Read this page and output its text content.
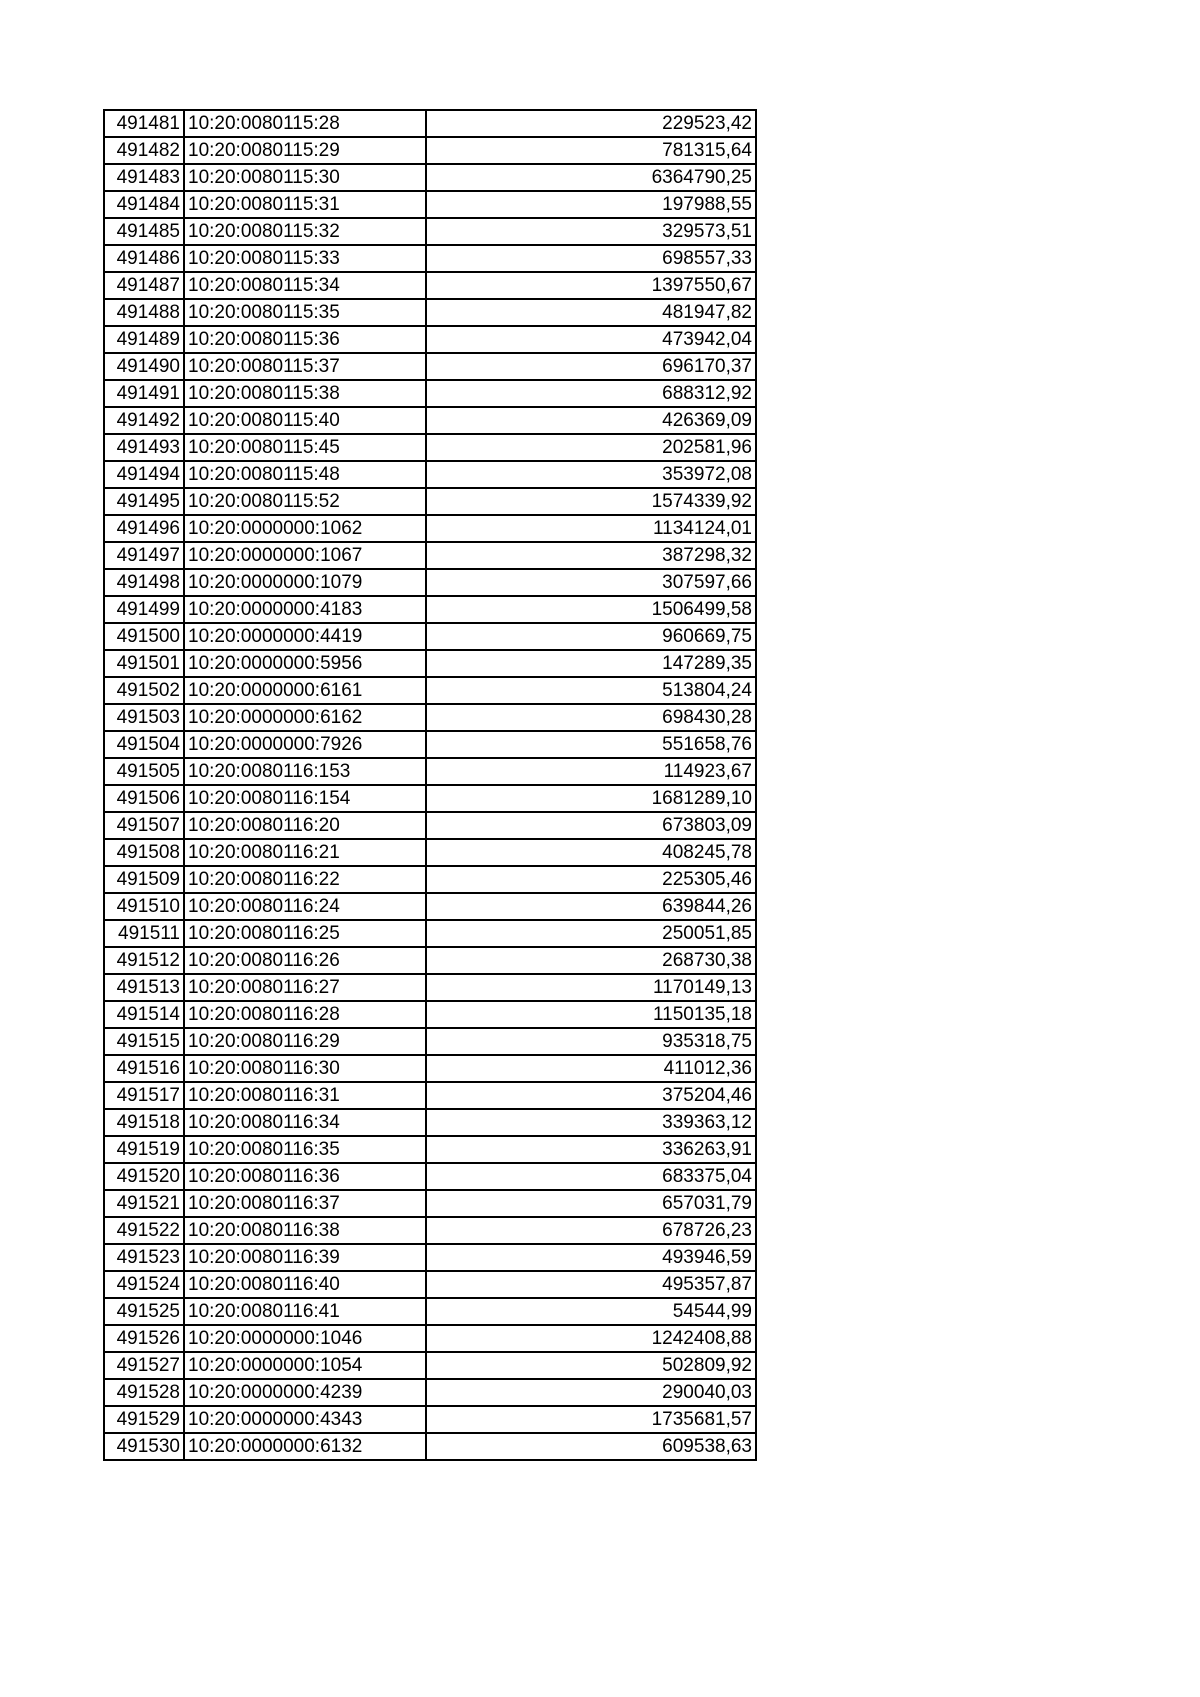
491481	10:20:0080115:28	229523,42
491482	10:20:0080115:29	781315,64
491483	10:20:0080115:30	6364790,25
491484	10:20:0080115:31	197988,55
491485	10:20:0080115:32	329573,51
491486	10:20:0080115:33	698557,33
491487	10:20:0080115:34	1397550,67
491488	10:20:0080115:35	481947,82
491489	10:20:0080115:36	473942,04
491490	10:20:0080115:37	696170,37
491491	10:20:0080115:38	688312,92
491492	10:20:0080115:40	426369,09
491493	10:20:0080115:45	202581,96
491494	10:20:0080115:48	353972,08
491495	10:20:0080115:52	1574339,92
491496	10:20:0000000:1062	1134124,01
491497	10:20:0000000:1067	387298,32
491498	10:20:0000000:1079	307597,66
491499	10:20:0000000:4183	1506499,58
491500	10:20:0000000:4419	960669,75
491501	10:20:0000000:5956	147289,35
491502	10:20:0000000:6161	513804,24
491503	10:20:0000000:6162	698430,28
491504	10:20:0000000:7926	551658,76
491505	10:20:0080116:153	114923,67
491506	10:20:0080116:154	1681289,10
491507	10:20:0080116:20	673803,09
491508	10:20:0080116:21	408245,78
491509	10:20:0080116:22	225305,46
491510	10:20:0080116:24	639844,26
491511	10:20:0080116:25	250051,85
491512	10:20:0080116:26	268730,38
491513	10:20:0080116:27	1170149,13
491514	10:20:0080116:28	1150135,18
491515	10:20:0080116:29	935318,75
491516	10:20:0080116:30	411012,36
491517	10:20:0080116:31	375204,46
491518	10:20:0080116:34	339363,12
491519	10:20:0080116:35	336263,91
491520	10:20:0080116:36	683375,04
491521	10:20:0080116:37	657031,79
491522	10:20:0080116:38	678726,23
491523	10:20:0080116:39	493946,59
491524	10:20:0080116:40	495357,87
491525	10:20:0080116:41	54544,99
491526	10:20:0000000:1046	1242408,88
491527	10:20:0000000:1054	502809,92
491528	10:20:0000000:4239	290040,03
491529	10:20:0000000:4343	1735681,57
491530	10:20:0000000:6132	609538,63
